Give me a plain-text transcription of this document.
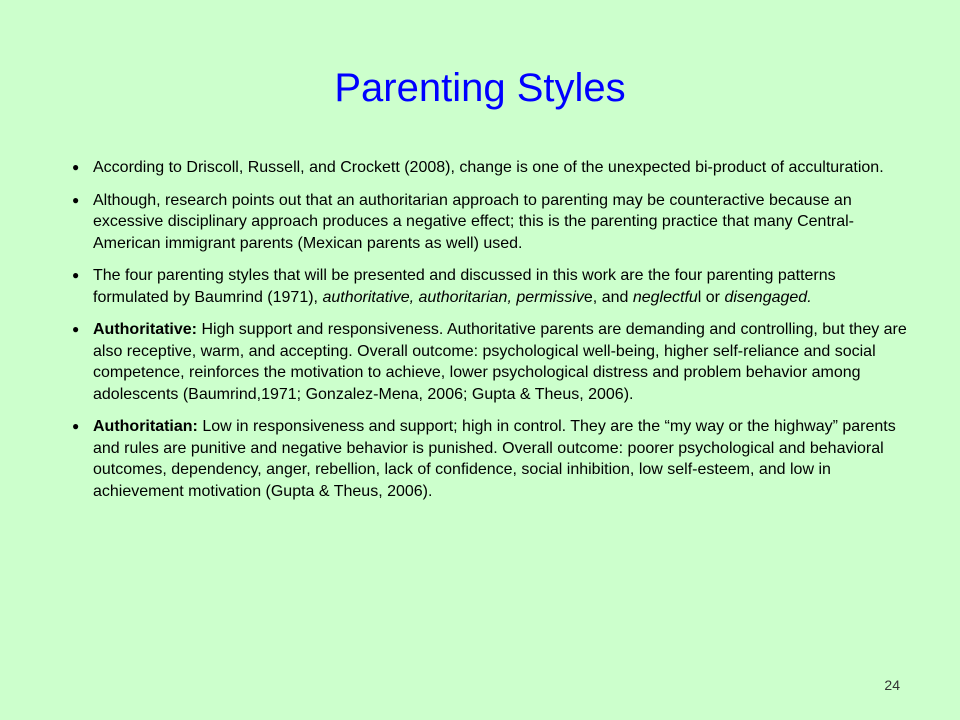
Parenting Styles
● According to Driscoll, Russell, and Crockett (2008), change is one of the unexpected bi-product of acculturation.
● Although, research points out that an authoritarian approach to parenting may be counteractive because an excessive disciplinary approach produces a negative effect; this is the parenting practice that many Central-American immigrant parents (Mexican parents as well) used.
● The four parenting styles that will be presented and discussed in this work are the four parenting patterns formulated by Baumrind (1971), authoritative, authoritarian, permissive, and neglectful or disengaged.
● Authoritative: High support and responsiveness. Authoritative parents are demanding and controlling, but they are also receptive, warm, and accepting. Overall outcome: psychological well-being, higher self-reliance and social competence, reinforces the motivation to achieve, lower psychological distress and problem behavior among adolescents (Baumrind,1971; Gonzalez-Mena, 2006; Gupta & Theus, 2006).
● Authoritatian: Low in responsiveness and support; high in control. They are the “my way or the highway” parents and rules are punitive and negative behavior is punished. Overall outcome: poorer psychological and behavioral outcomes, dependency, anger, rebellion, lack of confidence, social inhibition, low self-esteem, and low in achievement motivation (Gupta & Theus, 2006).
24
